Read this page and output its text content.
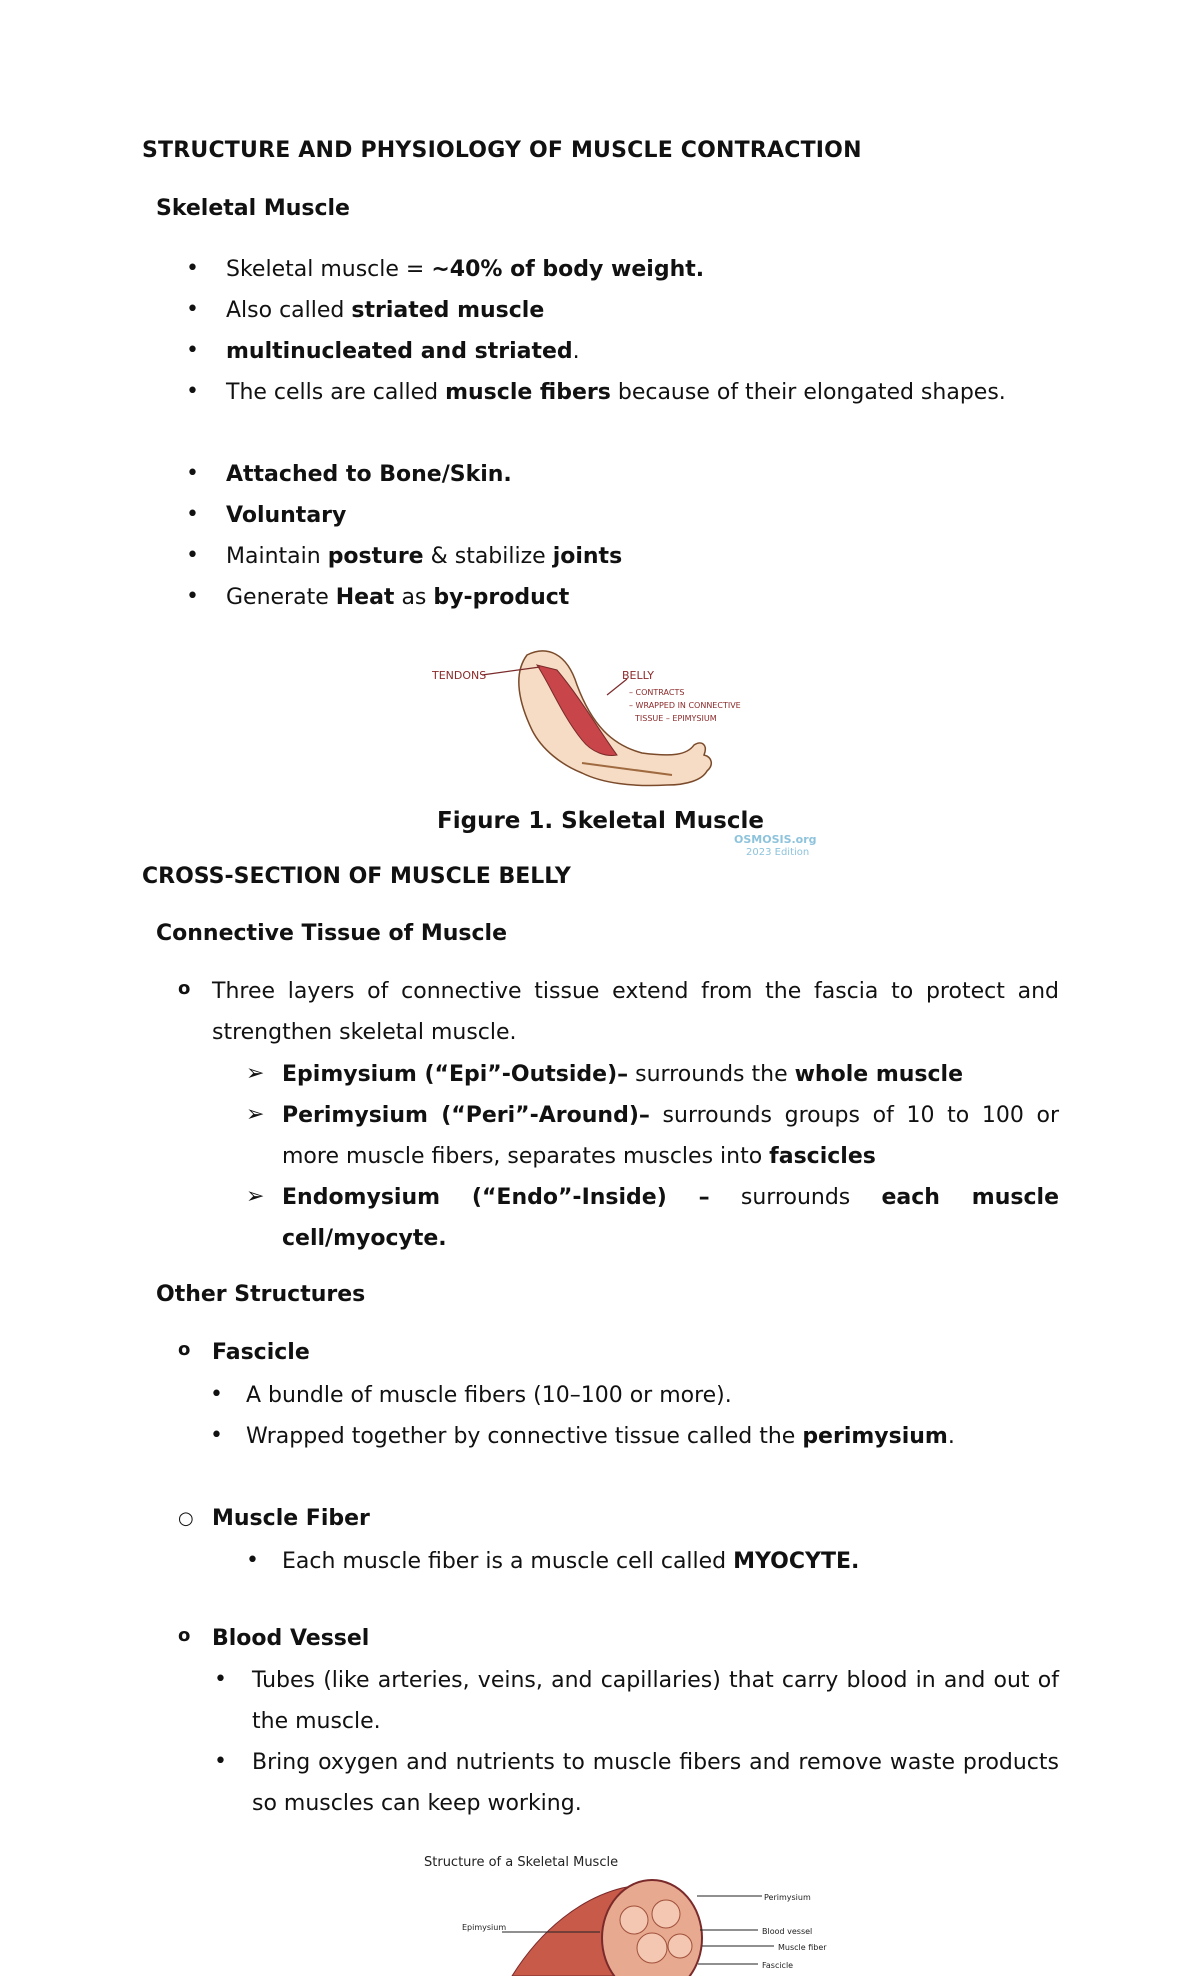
STRUCTURE AND PHYSIOLOGY OF MUSCLE CONTRACTION
Skeletal Muscle
• Skeletal muscle = ~40% of body weight.
• Also called striated muscle
• multinucleated and striated.
• The cells are called muscle fibers because of their elongated shapes.
• Attached to Bone/Skin.
• Voluntary
• Maintain posture & stabilize joints
• Generate Heat as by-product
TENDONS	BELLY
– CONTRACTS
– WRAPPED IN CONNECTIVE
TISSUE – EPIMYSIUM
OSMOSIS.org
2023 Edition
Figure 1. Skeletal Muscle
CROSS-SECTION OF MUSCLE BELLY
Connective Tissue of Muscle
o Three layers of connective tissue extend from the fascia to protect and strengthen skeletal muscle.
➢ Epimysium (“Epi”-Outside)– surrounds the whole muscle
➢ Perimysium (“Peri”-Around)– surrounds groups of 10 to 100 or more muscle fibers, separates muscles into fascicles
➢ Endomysium (“Endo”-Inside) – surrounds each muscle cell/myocyte.
Other Structures
o Fascicle
• A bundle of muscle fibers (10–100 or more).
• Wrapped together by connective tissue called the perimysium.
○ Muscle Fiber
• Each muscle fiber is a muscle cell called MYOCYTE.
o Blood Vessel
• Tubes (like arteries, veins, and capillaries) that carry blood in and out of the muscle.
• Bring oxygen and nutrients to muscle fibers and remove waste products so muscles can keep working.
Structure of a Skeletal Muscle
Perimysium
Epimysium	Blood vessel
Muscle fiber
Fascicle
